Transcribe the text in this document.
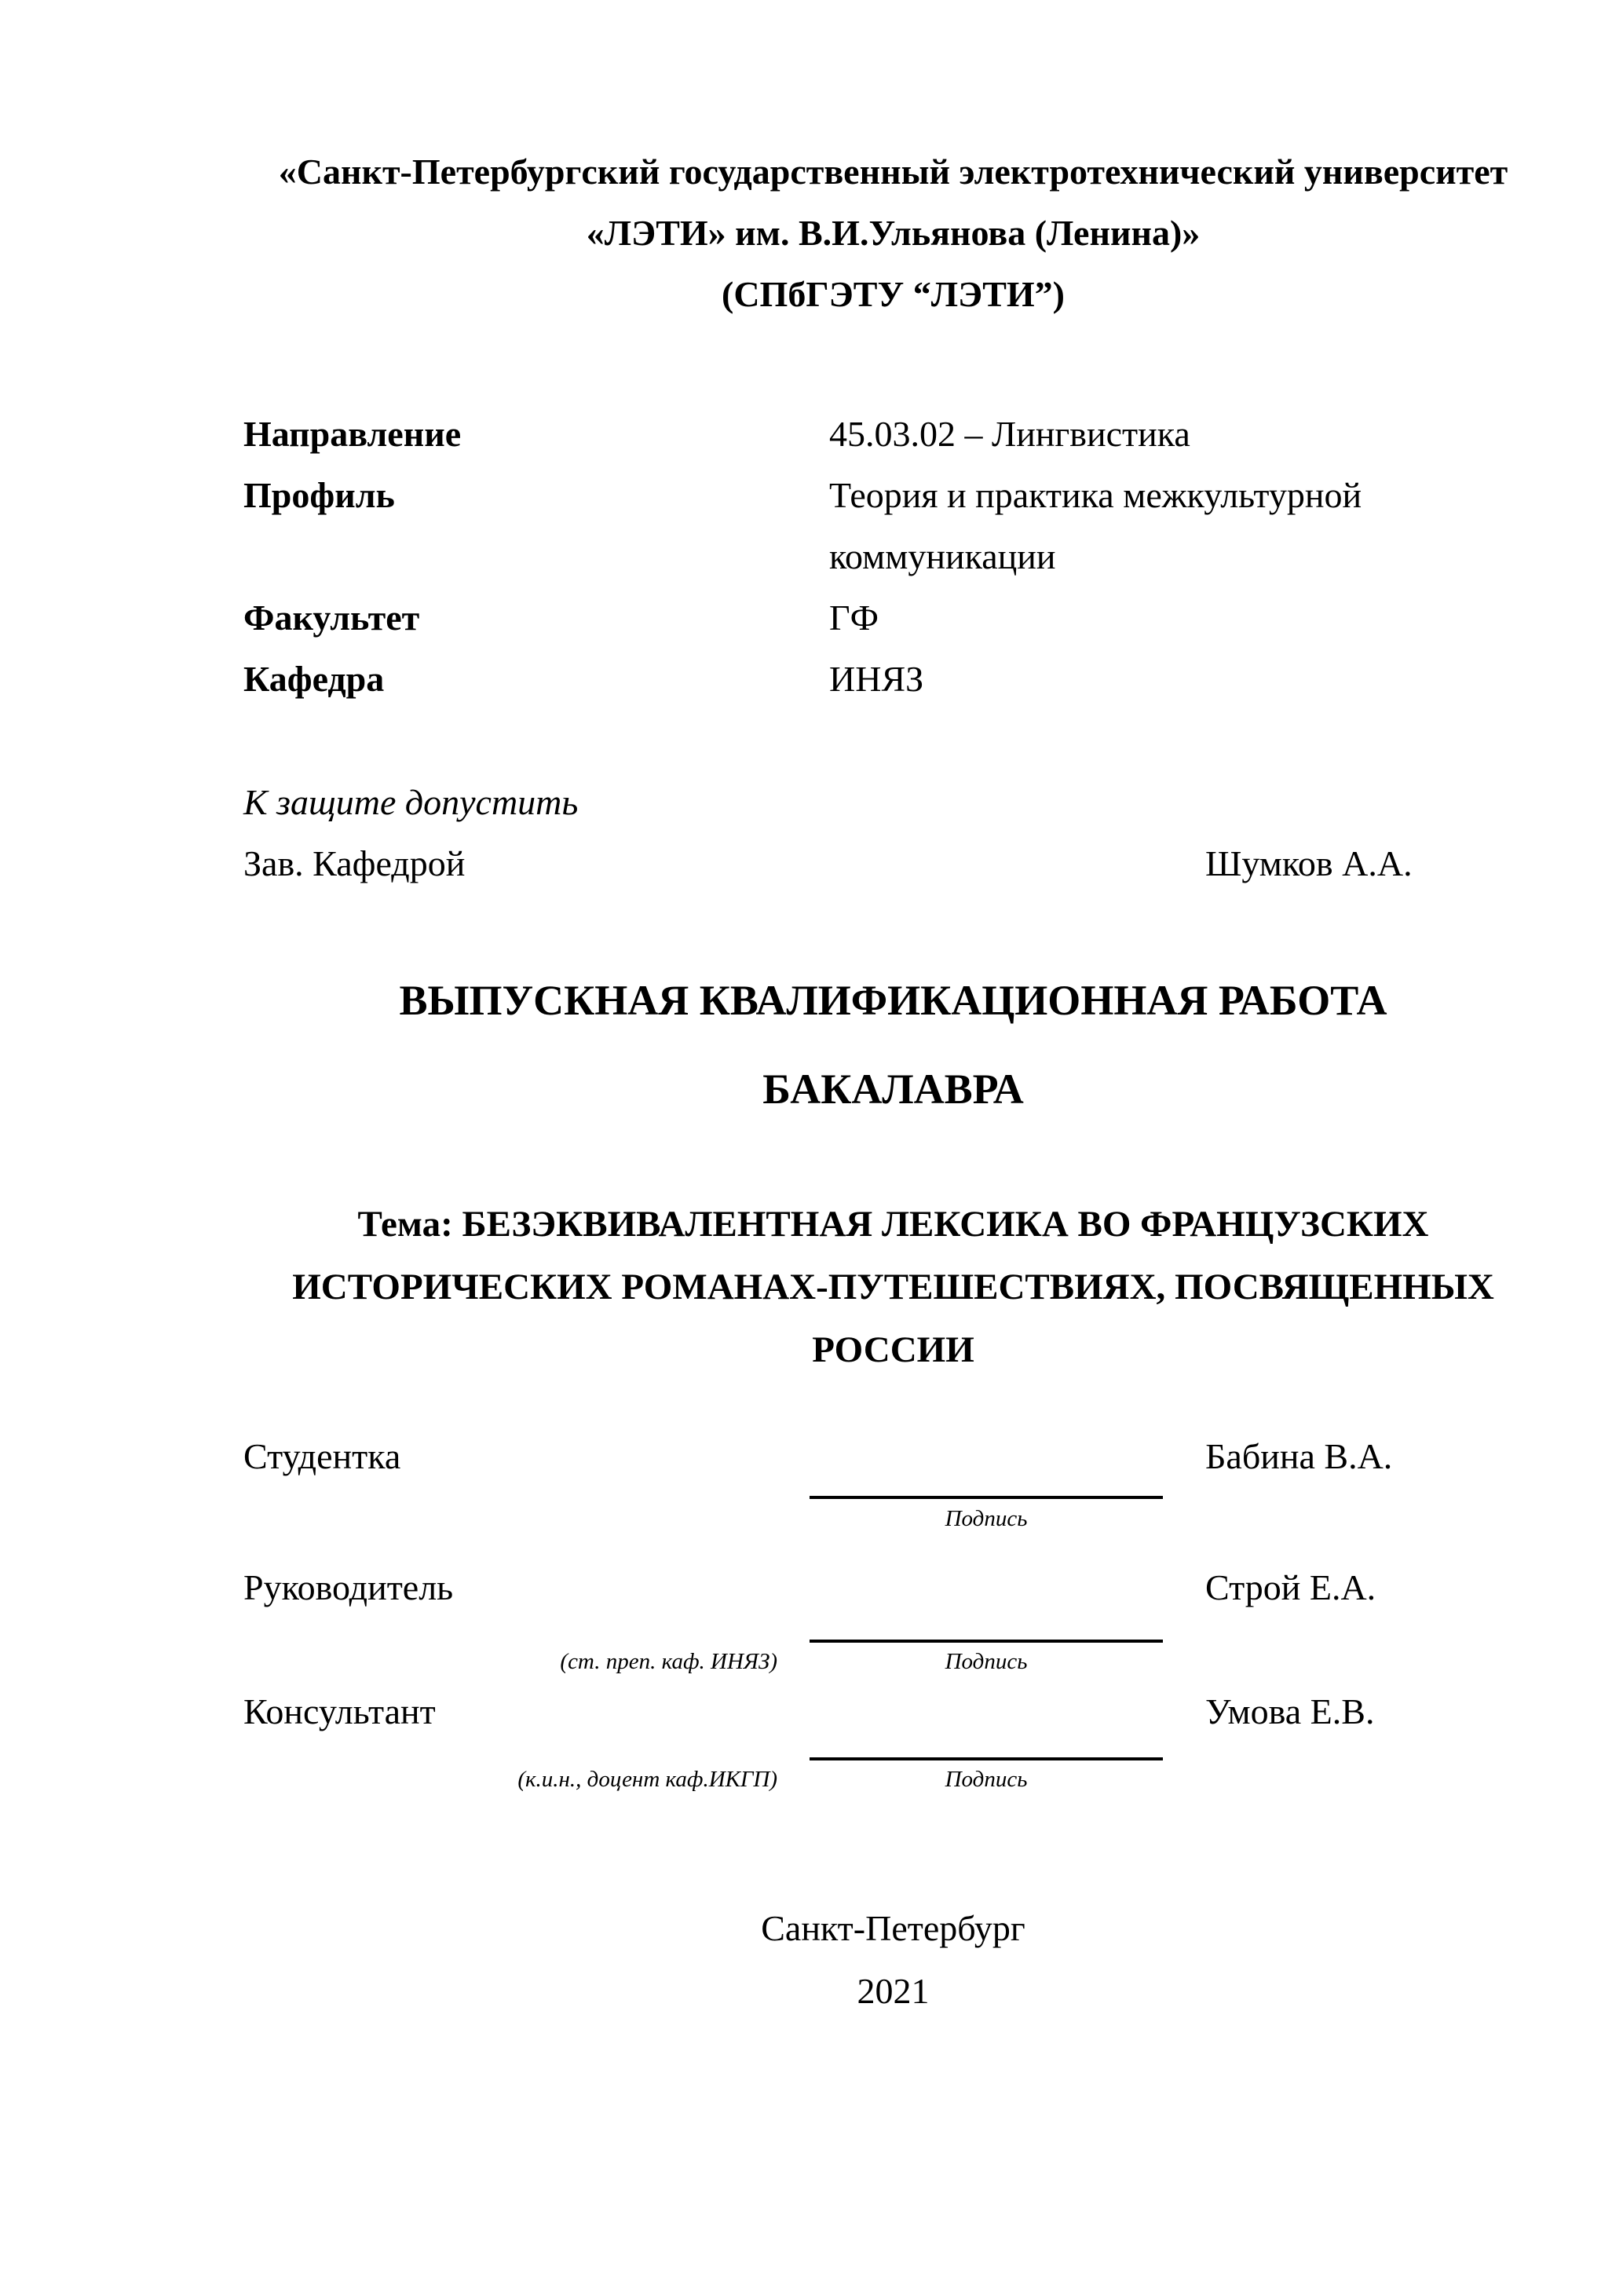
«Санкт-Петербургский государственный электротехнический университет
«ЛЭТИ» им. В.И.Ульянова (Ленина)»
(СПбГЭТУ “ЛЭТИ”)
Направление	45.03.02 – Лингвистика
Профиль	Теория и практика межкультурной
коммуникации
Факультет	ГФ
Кафедра	ИНЯЗ
К защите допустить
Зав. Кафедрой	Шумков А.А.
ВЫПУСКНАЯ КВАЛИФИКАЦИОННАЯ РАБОТА
БАКАЛАВРА
Тема: БЕЗЭКВИВАЛЕНТНАЯ ЛЕКСИКА ВО ФРАНЦУЗСКИХ
ИСТОРИЧЕСКИХ РОМАНАХ-ПУТЕШЕСТВИЯХ, ПОСВЯЩЕННЫХ
РОССИИ
Студентка	Бабина В.А.
Подпись
Руководитель	Строй Е.А.
(ст. преп. каф. ИНЯЗ)	Подпись
Консультант	Умова Е.В.
(к.и.н., доцент каф.ИКГП)	Подпись
Санкт-Петербург
2021
